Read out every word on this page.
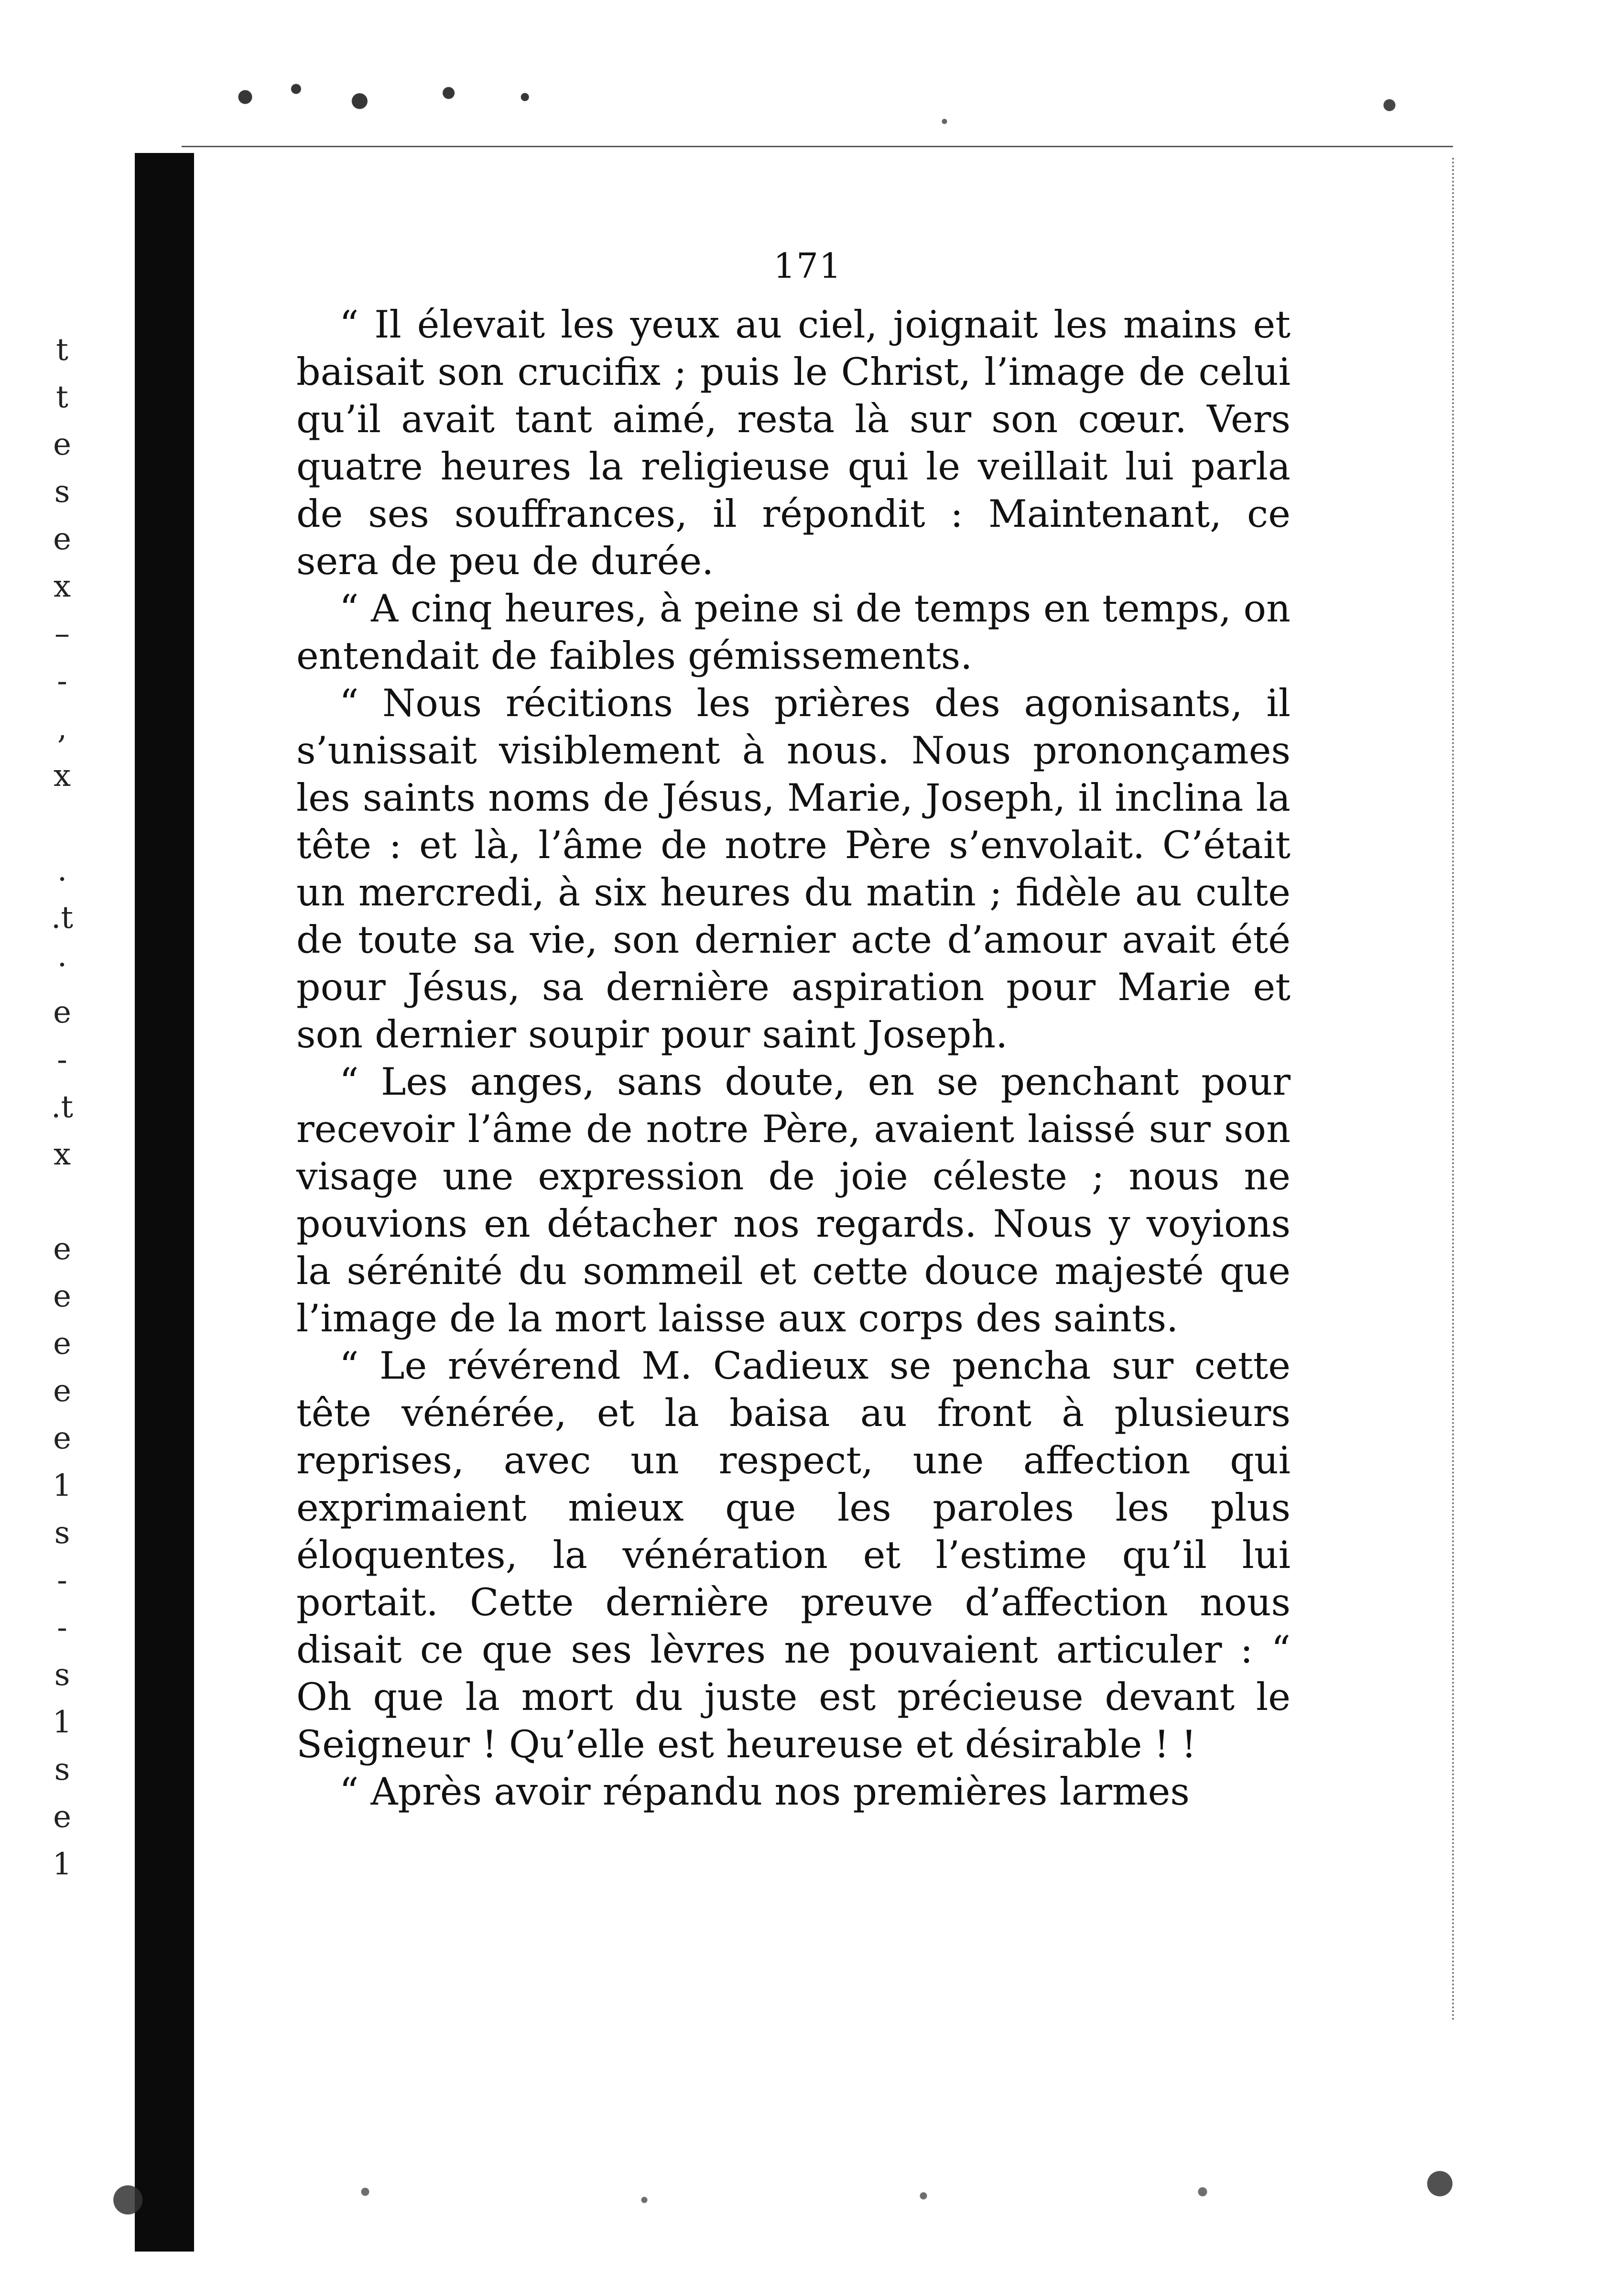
t
t
e
s
e
x
–
-
,
x
.
.t
·
e
-
.t
x
e
e
e
e
e
1
s
-
-
s
1
s
e
1
171

“ Il élevait les yeux au ciel, joignait les mains et baisait son crucifix ; puis le Christ, l’image de celui qu’il avait tant aimé, resta là sur son cœur. Vers quatre heures la religieuse qui le veillait lui parla de ses souffrances, il répondit : Maintenant, ce sera de peu de durée.

“ A cinq heures, à peine si de temps en temps, on entendait de faibles gémissements.

“ Nous récitions les prières des agonisants, il s’unissait visiblement à nous. Nous prononçames les saints noms de Jésus, Marie, Joseph, il inclina la tête : et là, l’âme de notre Père s’envolait. C’était un mercredi, à six heures du matin ; fidèle au culte de toute sa vie, son dernier acte d’amour avait été pour Jésus, sa dernière aspiration pour Marie et son dernier soupir pour saint Joseph.

“ Les anges, sans doute, en se penchant pour recevoir l’âme de notre Père, avaient laissé sur son visage une expression de joie céleste ; nous ne pouvions en détacher nos regards. Nous y voyions la sérénité du sommeil et cette douce majesté que l’image de la mort laisse aux corps des saints.

“ Le révérend M. Cadieux se pencha sur cette tête vénérée, et la baisa au front à plusieurs reprises, avec un respect, une affection qui exprimaient mieux que les paroles les plus éloquentes, la vénération et l’estime qu’il lui portait. Cette dernière preuve d’affection nous disait ce que ses lèvres ne pouvaient articuler : “ Oh que la mort du juste est précieuse devant le Seigneur ! Qu’elle est heureuse et désirable ! !

“ Après avoir répandu nos premières larmes
